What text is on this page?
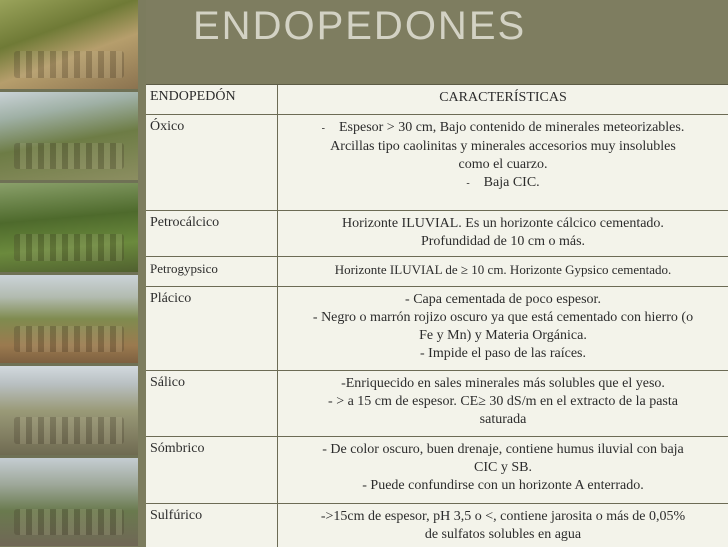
ENDOPEDONES
ENDOPEDÓN	CARACTERÍSTICAS
Óxico	- Espesor > 30 cm, Bajo contenido de minerales meteorizables.

Arcillas tipo caolinitas y minerales accesorios muy insolubles

como el cuarzo.

- Baja CIC.

Petrocálcico	Horizonte ILUVIAL. Es un horizonte cálcico cementado.

Profundidad de 10 cm o más.

Petrogypsico	Horizonte ILUVIAL de ≥ 10 cm. Horizonte Gypsico cementado.

Plácico	- Capa cementada de poco espesor.

- Negro o marrón rojizo oscuro ya que está cementado con hierro (o

Fe y Mn) y Materia Orgánica.

- Impide el paso de las raíces.

Sálico	-Enriquecido en sales minerales más solubles que el yeso.

- > a 15 cm de espesor. CE≥ 30 dS/m en el extracto de la pasta

saturada

Sómbrico	- De color oscuro, buen drenaje, contiene humus iluvial con baja

CIC y SB.

- Puede confundirse con un horizonte A enterrado.

Sulfúrico	->15cm de espesor, pH 3,5 o <, contiene jarosita o más de 0,05%

de sulfatos solubles en agua
